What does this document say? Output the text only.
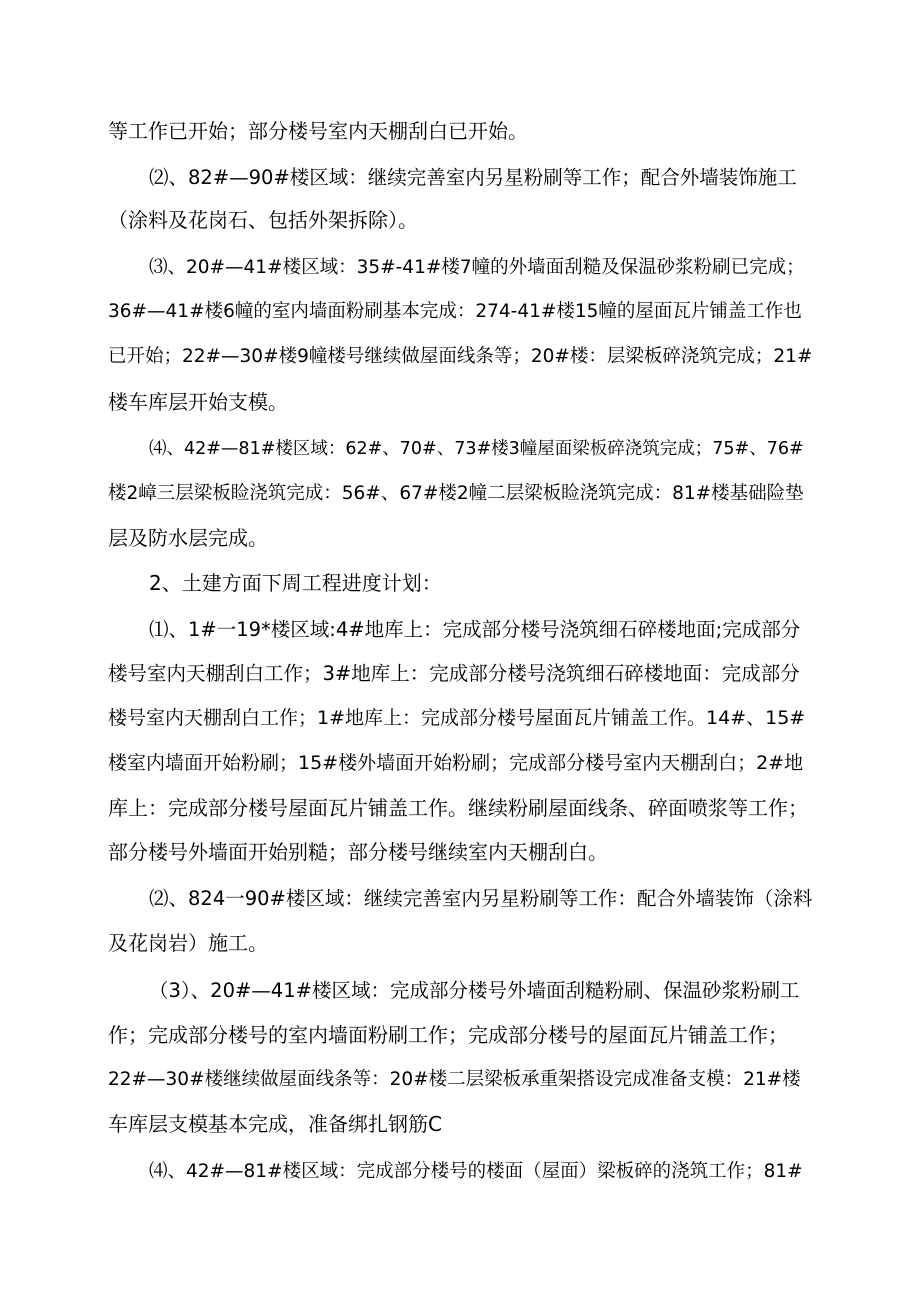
等工作已开始；部分楼号室内天棚刮白已开始。
⑵、82#—90#楼区域：继续完善室内另星粉刷等工作；配合外墙装饰施工
（涂料及花岗石、包括外架拆除）。
⑶、20#—41#楼区域：35#-41#楼7幢的外墙面刮糙及保温砂浆粉刷已完成；
36#—41#楼6幢的室内墙面粉刷基本完成：274-41#楼15幢的屋面瓦片铺盖工作也
已开始；22#—30#楼9幢楼号继续做屋面线条等；20#楼：层梁板碎浇筑完成；21#
楼车库层开始支模。
⑷、42#—81#楼区域：62#、70#、73#楼3幢屋面梁板碎浇筑完成；75#、76#
楼2嶂三层梁板睑浇筑完成：56#、67#楼2幢二层梁板睑浇筑完成：81#楼基础险垫
层及防水层完成。
2、土建方面下周工程进度计划：
⑴、1#一19*楼区域:4#地库上：完成部分楼号浇筑细石碎楼地面;完成部分
楼号室内天棚刮白工作；3#地库上：完成部分楼号浇筑细石碎楼地面：完成部分
楼号室内天棚刮白工作；1#地库上：完成部分楼号屋面瓦片铺盖工作。14#、15#
楼室内墙面开始粉刷；15#楼外墙面开始粉刷；完成部分楼号室内天棚刮白；2#地
库上：完成部分楼号屋面瓦片铺盖工作。继续粉刷屋面线条、碎面喷浆等工作；
部分楼号外墙面开始别糙；部分楼号继续室内天棚刮白。
⑵、824一90#楼区域：继续完善室内另星粉刷等工作：配合外墙装饰（涂料
及花岗岩）施工。
（3）、20#—41#楼区域：完成部分楼号外墙面刮糙粉刷、保温砂浆粉刷工
作；完成部分楼号的室内墙面粉刷工作；完成部分楼号的屋面瓦片铺盖工作；
22#—30#楼继续做屋面线条等：20#楼二层梁板承重架搭设完成准备支模：21#楼
车库层支模基本完成，准备绑扎钢筋C
⑷、42#—81#楼区域：完成部分楼号的楼面（屋面）梁板碎的浇筑工作；81#
